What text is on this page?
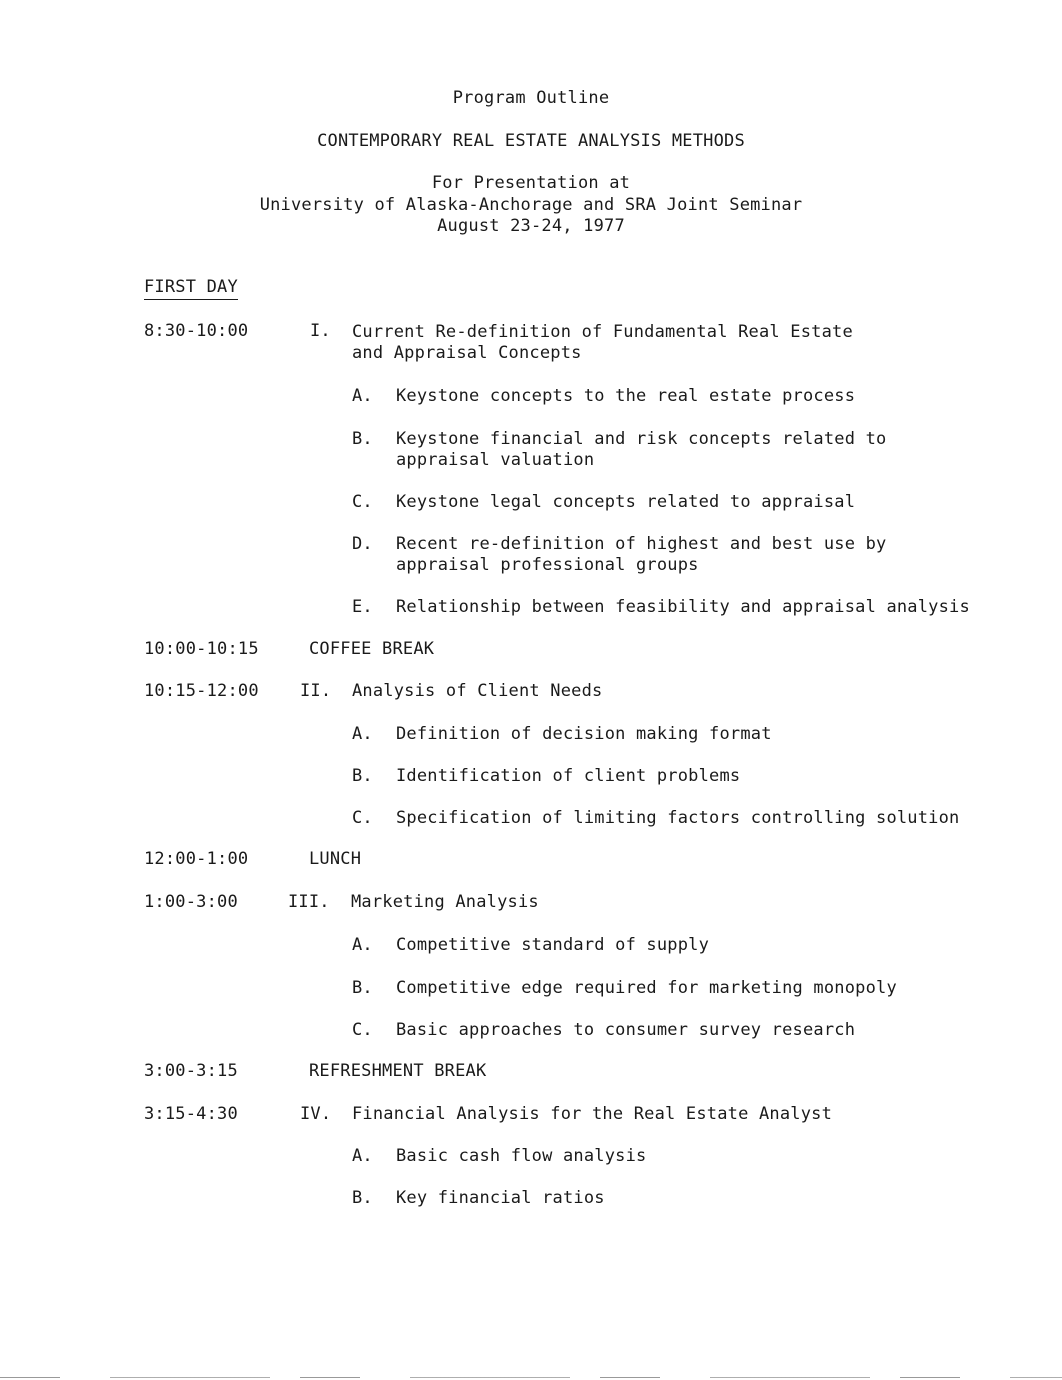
Program Outline
CONTEMPORARY REAL ESTATE ANALYSIS METHODS
For Presentation at
University of Alaska-Anchorage and SRA Joint Seminar
August 23-24, 1977
FIRST DAY
8:30-10:00	I. Current Re-definition of Fundamental Real Estate
and Appraisal Concepts
A. Keystone concepts to the real estate process
B. Keystone financial and risk concepts related to
appraisal valuation
C. Keystone legal concepts related to appraisal
D. Recent re-definition of highest and best use by
appraisal professional groups
E. Relationship between feasibility and appraisal analysis
10:00-10:15	COFFEE BREAK
10:15-12:00 II. Analysis of Client Needs
A. Definition of decision making format
B. Identification of client problems
C. Specification of limiting factors controlling solution
12:00-1:00	LUNCH
1:00-3:00	III. Marketing Analysis
A. Competitive standard of supply
B. Competitive edge required for marketing monopoly
C. Basic approaches to consumer survey research
3:00-3:15	REFRESHMENT BREAK
3:15-4:30	IV. Financial Analysis for the Real Estate Analyst
A. Basic cash flow analysis
B. Key financial ratios
